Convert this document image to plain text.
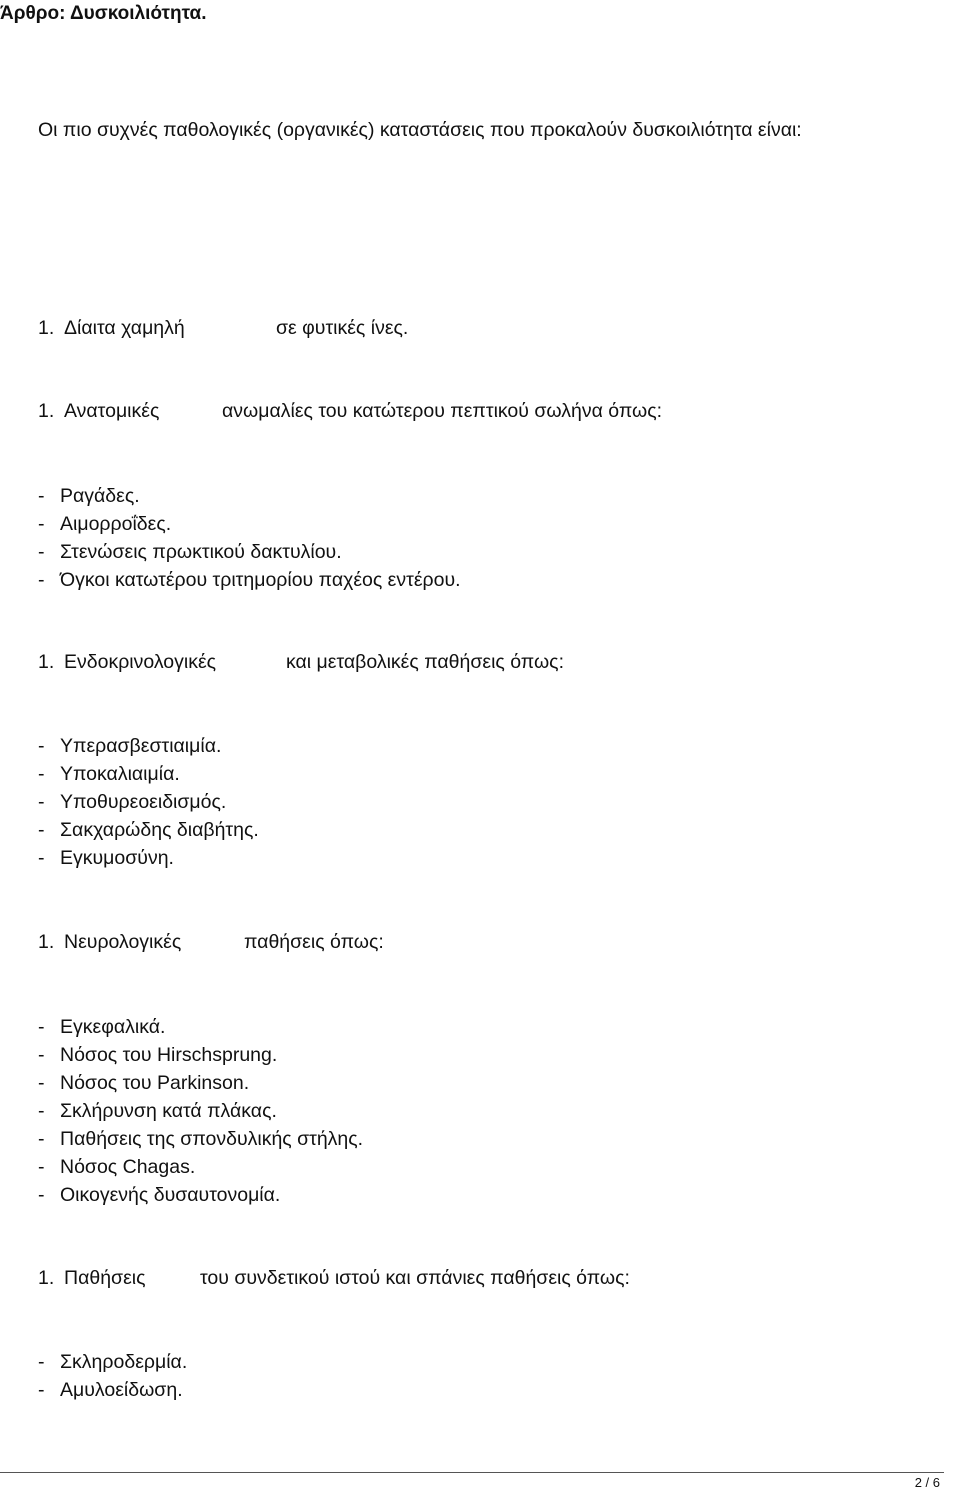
Άρθρο: Δυσκοιλιότητα.
Οι πιο συχνές παθολογικές (οργανικές) καταστάσεις που προκαλούν δυσκοιλιότητα είναι:
1. Δίαιτα χαμηλή	σε φυτικές ίνες.
1. Ανατομικές	ανωμαλίες του κατώτερου πεπτικού σωλήνα όπως:
- Ραγάδες.
- Αιμορροΐδες.
- Στενώσεις πρωκτικού δακτυλίου.
- Όγκοι κατωτέρου τριτημορίου παχέος εντέρου.
1. Ενδοκρινολογικές	και μεταβολικές παθήσεις όπως:
- Υπερασβεστιαιμία.
- Υποκαλιαιμία.
- Υποθυρεοειδισμός.
- Σακχαρώδης διαβήτης.
- Εγκυμοσύνη.
1. Νευρολογικές	παθήσεις όπως:
- Εγκεφαλικά.
- Νόσος του Hirschsprung.
- Νόσος του Parkinson.
- Σκλήρυνση κατά πλάκας.
- Παθήσεις της σπονδυλικής στήλης.
- Νόσος Chagas.
- Οικογενής δυσαυτονομία.
1. Παθήσεις	του συνδετικού ιστού και σπάνιες παθήσεις όπως:
- Σκληροδερμία.
- Αμυλοείδωση.
2 / 6
